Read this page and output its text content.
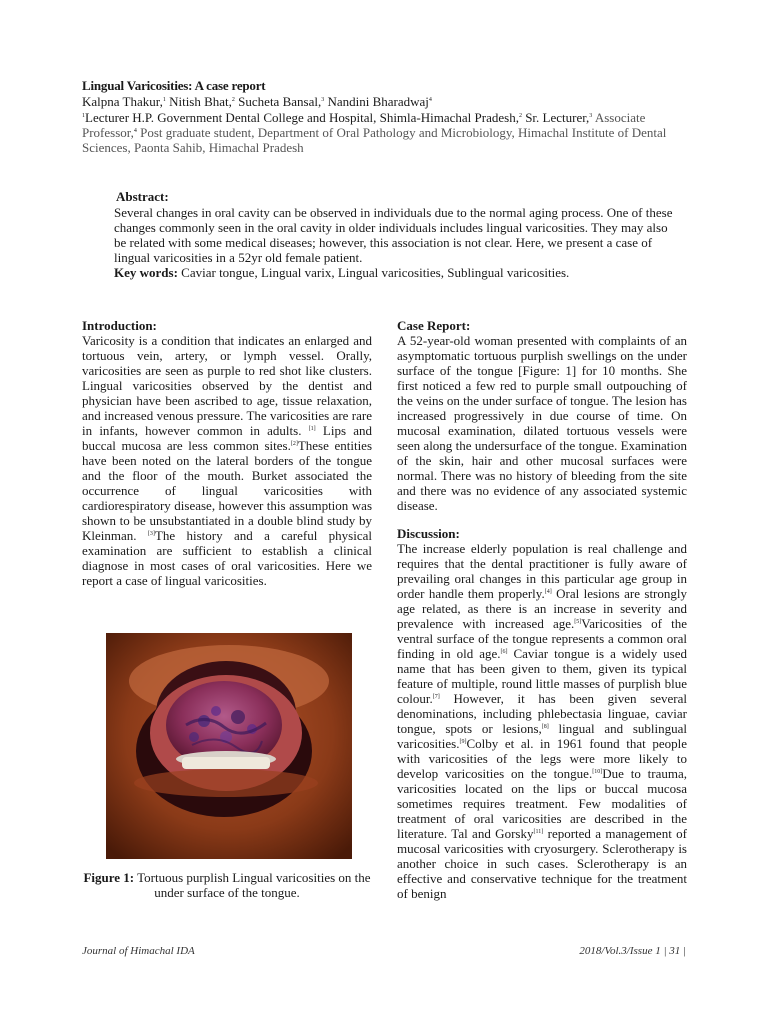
Lingual Varicosities: A case report
Kalpna Thakur,$^1$ Nitish Bhat,$^2$ Sucheta Bansal,$^3$ Nandini Bharadwaj$^4$
$^1$Lecturer H.P. Government Dental College and Hospital, Shimla-Himachal Pradesh,$^2$ Sr. Lecturer,$^3$ Associate Professor,$^4$ Post graduate student, Department of Oral Pathology and Microbiology, Himachal Institute of Dental Sciences, Paonta Sahib, Himachal Pradesh
Abstract:
Several changes in oral cavity can be observed in individuals due to the normal aging process. One of these changes commonly seen in the oral cavity in older individuals includes lingual varicosities. They may also be related with some medical diseases; however, this association is not clear. Here, we present a case of lingual varicosities in a 52yr old female patient.
Key words: Caviar tongue, Lingual varix, Lingual varicosities, Sublingual varicosities.
Introduction:

Varicosity is a condition that indicates an enlarged and tortuous vein, artery, or lymph vessel. Orally, varicosities are seen as purple to red shot like clusters. Lingual varicosities observed by the dentist and physician have been ascribed to age, tissue relaxation, and increased venous pressure. The varicosities are rare in infants, however common in adults. [1] Lips and buccal mucosa are less common sites.[2]These entities have been noted on the lateral borders of the tongue and the floor of the mouth. Burket associated the occurrence of lingual varicosities with cardiorespiratory disease, however this assumption was shown to be unsubstantiated in a double blind study by Kleinman. [3]The history and a careful physical examination are sufficient to establish a clinical diagnose in most cases of oral varicosities. Here we report a case of lingual varicosities.

Figure 1: Tortuous purplish Lingual varicosities on the under surface of the tongue.
Case Report:

A 52-year-old woman presented with complaints of an asymptomatic tortuous purplish swellings on the under surface of the tongue [Figure: 1] for 10 months. She first noticed a few red to purple small outpouching of the veins on the under surface of tongue. The lesion has increased progressively in due course of time. On mucosal examination, dilated tortuous vessels were seen along the undersurface of the tongue. Examination of the skin, hair and other mucosal surfaces were normal. There was no history of bleeding from the site and there was no evidence of any associated systemic disease.

Discussion:

The increase elderly population is real challenge and requires that the dental practitioner is fully aware of prevailing oral changes in this particular age group in order handle them properly.[4] Oral lesions are strongly age related, as there is an increase in severity and prevalence with increased age.[5]Varicosities of the ventral surface of the tongue represents a common oral finding in old age.[6] Caviar tongue is a widely used name that has been given to them, given its typical feature of multiple, round little masses of purplish blue colour.[7] However, it has been given several denominations, including phlebectasia linguae, caviar tongue, spots or lesions,[8] lingual and sublingual varicosities.[9]Colby et al. in 1961 found that people with varicosities of the legs were more likely to develop varicosities on the tongue.[10]Due to trauma, varicosities located on the lips or buccal mucosa sometimes requires treatment. Few modalities of treatment of oral varicosities are described in the literature. Tal and Gorsky[11] reported a management of mucosal varicosities with cryosurgery. Sclerotherapy is another choice in such cases. Sclerotherapy is an effective and conservative technique for the treatment of benign

Journal of Himachal IDA	2018/Vol.3/Issue 1 | 31 |
